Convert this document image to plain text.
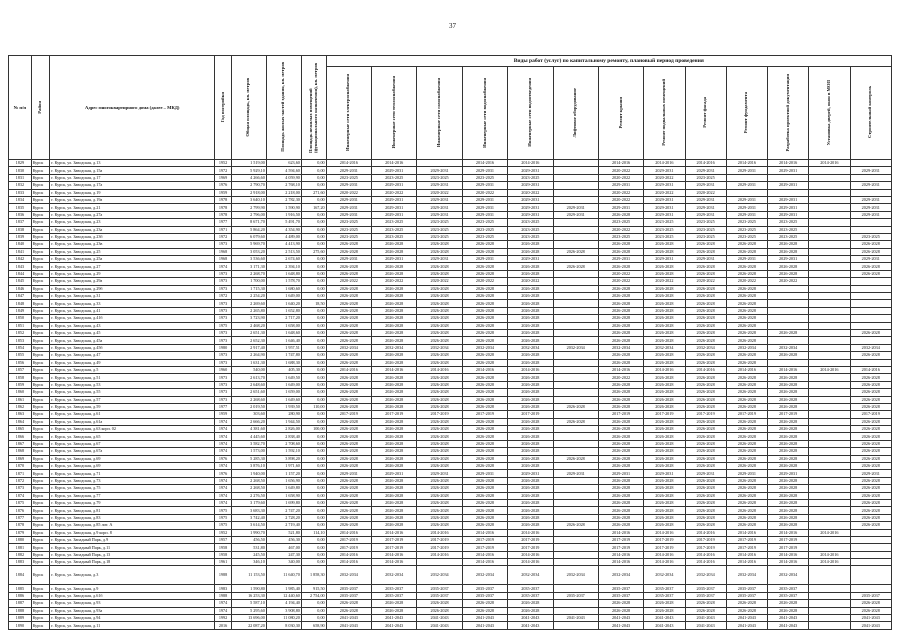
37
№ п/п	Район	Адрес многоквартирного дома (далее – МКД)	Год постройки	Общая площадь, кв. метров	Площадь жилых частей здания, кв. метров	Площадь нежилых помещений (функционального назначения), кв. метров	Виды работ (услуг) по капитальному ремонту, плановый период проведения												
							Инженерные сети электроснабжения	Инженерные сети теплоснабжения	Инженерные сети газоснабжения	Инженерные сети водоснабжения	Инженерные сети водоотведения	Лифтовое оборудование	Ремонт крыши	Ремонт подвальных помещений	Ремонт фасада	Ремонт фундамента	Разработка проектной документации	Установка дверей, окон в МОП	Строительный контроль
1829	Курск	г. Курск, ул. Заводская, д.13	1952	1 519,00	623,60	0,00	2014-2016	2014-2016		2014-2016	2014-2016		2014-2016	2014-2016	2014-2016	2014-2016	2014-2016	2014-2016	
1830	Курск	г. Курск, ул. Заводская, д.15а	1972	5 929,10	4 594,60	0,00	2029-2031	2029-2031	2029-2031	2029-2031	2029-2031		2020-2022	2029-2031	2029-2031	2029-2031	2029-2031		2029-2031
1831	Курск	г. Курск, ул. Заводская, д.17	1969	4 266,60	4 059,90	0,00	2023-2025	2023-2025	2023-2025	2023-2025	2023-2025		2020-2022	2020-2022	2023-2025				
1832	Курск	г. Курск, ул. Заводская, д.17а	1976	2 790,70	2 768,10	0,00	2029-2031	2029-2031	2029-2031	2029-2031	2029-2031		2029-2031	2029-2031	2029-2031	2029-2031	2029-2031		2029-2031
1833	Курск	г. Курск, ул. Заводская, д.19	1959	2 918,00	2 218,00	271,60	2020-2022	2020-2022	2020-2022	2020-2022	2020-2022		2020-2022	2020-2022	2020-2022				
1834	Курск	г. Курск, ул. Заводская, д.19а	1978	3 640,10	2 782,30	0,00	2029-2031	2029-2031	2029-2031	2029-2031	2029-2031		2020-2022	2029-2031	2029-2031	2029-2031	2029-2031		2029-2031
1835	Курск	г. Курск, ул. Заводская, д.21	1978	2 799,90	1 590,90	167,20	2029-2031	2029-2031	2029-2031	2029-2031	2029-2031	2029-2031	2029-2031	2029-2031	2029-2031	2029-2031	2029-2031		2029-2031
1836	Курск	г. Курск, ул. Заводская, д.27а	1978	2 796,00	1 916,50	0,00	2029-2031	2029-2031	2029-2031	2029-2031	2029-2031	2029-2031	2026-2028	2029-2031	2029-2031	2029-2031	2029-2031		2029-2031
1837	Курск	г. Курск, ул. Заводская, д.23	1977	8 671,70	5 491,70	0,00	2023-2025	2023-2025	2023-2025	2023-2025	2023-2025		2023-2025	2023-2025	2023-2025	2023-2025	2023-2025		
1838	Курск	г. Курск, ул. Заводская, д.23а	1971	5 864,20	4 354,90	0,00	2023-2025	2023-2025	2023-2025	2023-2025	2023-2025		2020-2022	2023-2025	2023-2025	2023-2025	2023-2025		
1839	Курск	г. Курск, ул. Заводская, д.23б	1972	6 079,60	4 489,00	0,00	2023-2025	2023-2025	2023-2025	2023-2025	2023-2025		2023-2025	2023-2025	2023-2025	2023-2025	2023-2025		2023-2025
1840	Курск	г. Курск, ул. Заводская, д.23в	1973	5 969,70	4 413,90	0,00	2026-2028	2026-2028	2026-2028	2026-2028	2026-2028		2026-2028	2026-2028	2026-2028	2026-2028	2026-2028		2026-2028
1841	Курск	г. Курск, ул. Заводская, д.25	1968	3 053,20	2 513,50	275,60	2026-2028	2026-2028	2026-2028	2026-2028	2026-2028	2026-2028	2026-2028	2026-2028	2026-2028	2026-2028	2026-2028		2026-2028
1842	Курск	г. Курск, ул. Заводская, д.25а	1968	3 536,60	2 674,60	0,00	2029-2031	2029-2031	2029-2031	2029-2031	2029-2031		2029-2031	2029-2031	2029-2031	2029-2031	2029-2031		2029-2031
1843	Курск	г. Курск, ул. Заводская, д.27	1974	3 171,30	2 394,10	0,00	2026-2028	2026-2028	2026-2028	2026-2028	2026-2028	2026-2028	2026-2028	2026-2028	2026-2028	2026-2028	2026-2028		2026-2028
1844	Курск	г. Курск, ул. Заводская, д.29	1973	2 268,70	1 648,80	0,00	2026-2028	2026-2028	2026-2028	2026-2028	2026-2028		2020-2022	2026-2028	2026-2028	2026-2028	2026-2028		2026-2028
1845	Курск	г. Курск, ул. Заводская, д.29а	1973	1 700,00	1 578,70	0,00	2020-2022	2020-2022	2020-2022	2020-2022	2020-2022		2020-2022	2020-2022	2020-2022	2020-2022	2020-2022		
1846	Курск	г. Курск, ул. Заводская, д.29б	1973	1 715,30	1 680,60	0,00	2026-2028	2026-2028	2026-2028	2026-2028	2026-2028		2026-2028	2026-2028	2026-2028	2026-2028			
1847	Курск	г. Курск, ул. Заводская, д.31	1972	2 254,20	1 649,00	0,00	2026-2028	2026-2028	2026-2028	2026-2028	2026-2028		2026-2028	2026-2028	2026-2028	2026-2028			
1848	Курск	г. Курск, ул. Заводская, д.33	1973	2 269,60	1 640,20	18,50	2026-2028	2026-2028	2026-2028	2026-2028	2026-2028		2026-2028	2026-2028	2026-2028	2026-2028			
1849	Курск	г. Курск, ул. Заводская, д.41	1973	2 265,80	1 652,80	0,00	2026-2028	2026-2028	2026-2028	2026-2028	2026-2028		2026-2028	2026-2028	2026-2028	2026-2028			
1850	Курск	г. Курск, ул. Заводская, д.41б	1973	3 723,90	2 717,20	0,00	2026-2028	2026-2028	2026-2028	2026-2028	2026-2028		2026-2028	2026-2028	2026-2028	2026-2028			
1851	Курск	г. Курск, ул. Заводская, д.43	1975	2 468,20	1 658,00	0,00	2026-2028	2026-2028	2026-2028	2026-2028	2026-2028		2026-2028	2026-2028	2026-2028	2026-2028			
1852	Курск	г. Курск, ул. Заводская, д.45	1973	2 651,30	1 648,60	0,00	2026-2028	2026-2028	2026-2028	2026-2028	2026-2028		2026-2028	2026-2028	2026-2028	2026-2028	2026-2028		2026-2028
1853	Курск	г. Курск, ул. Заводская, д.45а	1973	2 652,30	1 646,40	0,00	2026-2028	2026-2028	2026-2028	2026-2028	2026-2028		2026-2028	2026-2028	2026-2028	2026-2028			
1854	Курск	г. Курск, ул. Заводская, д.45б	1980	2 917,40	1 957,51	0,00	2032-2034	2032-2034	2032-2034	2032-2034	2032-2034	2032-2034	2032-2034	2032-2034	2032-2034	2032-2034	2032-2034		2032-2034
1855	Курск	г. Курск, ул. Заводская, д.47	1973	2 264,90	1 747,80	0,00	2026-2028	2026-2028	2026-2028	2026-2028	2026-2028		2026-2028	2026-2028	2026-2028	2026-2028	2026-2028		2026-2028
1856	Курск	г. Курск, ул. Заводская, д.49	1973	1 631,30	1 688,30	0,00	2026-2028	2026-2028	2026-2028	2026-2028	2026-2028		2026-2028	2026-2028	2026-2028	2026-2028			
1857	Курск	г. Курск, ул. Заводская, д.5	1960	540,00	405,30	0,00	2014-2016	2014-2016	2014-2016	2014-2016	2014-2016		2014-2016	2014-2016	2014-2016	2014-2016	2014-2016	2014-2016	2014-2016
1858	Курск	г. Курск, ул. Заводская, д.51	1973	2 613,70	1 649,50	0,00	2026-2028	2026-2028	2026-2028	2026-2028	2026-2028		2020-2022	2026-2028	2026-2028	2026-2028	2026-2028		2026-2028
1859	Курск	г. Курск, ул. Заводская, д.53	1973	2 648,60	1 649,00	0,00	2026-2028	2026-2028	2026-2028	2026-2028	2026-2028		2026-2028	2026-2028	2026-2028	2026-2028	2026-2028		2026-2028
1860	Курск	г. Курск, ул. Заводская, д.55	1973	2 651,60	1 659,00	0,00	2026-2028	2026-2028	2026-2028	2026-2028	2026-2028		2026-2028	2026-2028	2026-2028	2026-2028	2026-2028		2026-2028
1861	Курск	г. Курск, ул. Заводская, д.57	1973	2 268,60	1 649,60	0,00	2026-2028	2026-2028	2026-2028	2026-2028	2026-2028		2026-2028	2026-2028	2026-2028	2026-2028	2026-2028		2026-2028
1862	Курск	г. Курск, ул. Заводская, д.59	1977	2 019,50	1 939,50	110,00	2026-2028	2026-2028	2026-2028	2026-2028	2026-2028	2026-2028	2026-2028	2026-2028	2026-2028	2026-2028	2026-2028		2026-2028
1863	Курск	г. Курск, ул. Заводская, д.61	1959	303,60	280,90	0,00	2017-2019	2017-2019	2017-2019	2017-2019	2017-2019		2017-2019	2017-2019	2017-2019	2017-2019	2017-2019		2017-2019
1864	Курск	г. Курск, ул. Заводская, д.61а	1974	2 666,20	1 944,50	0,00	2026-2028	2026-2028	2026-2028	2026-2028	2026-2028	2026-2028	2026-2028	2026-2028	2026-2028	2026-2028	2026-2028		2026-2028
1865	Курск	г. Курск, ул. Заводская, д.63 корп. 02	1974	4 381,60	2 826,00	100,00	2026-2028	2026-2028	2026-2028	2026-2028	2026-2028		2026-2028	2026-2028	2026-2028	2026-2028	2026-2028		2026-2028
1866	Курск	г. Курск, ул. Заводская, д.65	1974	4 445,60	2 838,40	0,00	2026-2028	2026-2028	2026-2028	2026-2028	2026-2028		2026-2028	2026-2028	2026-2028	2026-2028	2026-2028		2026-2028
1867	Курск	г. Курск, ул. Заводская, д.67	1974	3 582,70	2 708,60	0,00	2026-2028	2026-2028	2026-2028	2026-2028	2026-2028		2026-2028	2026-2028	2026-2028	2026-2028	2026-2028		2026-2028
1868	Курск	г. Курск, ул. Заводская, д.67а	1974	1 573,00	1 592,10	0,00	2026-2028	2026-2028	2026-2028	2026-2028	2026-2028		2026-2028	2026-2028	2026-2028	2026-2028	2026-2028		2026-2028
1869	Курск	г. Курск, ул. Заводская, д.69	1976	5 285,30	3 898,20	0,00	2026-2028	2026-2028	2026-2028	2026-2028	2026-2028	2026-2028	2026-2028	2026-2028	2026-2028	2026-2028	2026-2028		2026-2028
1870	Курск	г. Курск, ул. Заводская, д.69	1974	3 876,10	1 971,60	0,00	2026-2028	2026-2028	2026-2028	2026-2028	2026-2028		2026-2028	2026-2028	2026-2028	2026-2028	2026-2028		2026-2028
1871	Курск	г. Курск, ул. Заводская, д.71	1976	1 940,00	1 157,20	0,00	2029-2031	2029-2031	2029-2031	2029-2031	2029-2031	2029-2031	2029-2031	2029-2031	2029-2031	2029-2031	2029-2031		2029-2031
1872	Курск	г. Курск, ул. Заводская, д.73	1974	2 268,50	1 656,90	0,00	2026-2028	2026-2028	2026-2028	2026-2028	2026-2028		2026-2028	2026-2028	2026-2028	2026-2028	2026-2028		2026-2028
1873	Курск	г. Курск, ул. Заводская, д.75	1974	2 268,50	1 649,80	0,00	2026-2028	2026-2028	2026-2028	2026-2028	2026-2028		2026-2028	2026-2028	2026-2028	2026-2028	2026-2028		2026-2028
1874	Курск	г. Курск, ул. Заводская, д.77	1974	2 276,50	1 658,90	0,00	2026-2028	2026-2028	2026-2028	2026-2028	2026-2028		2026-2028	2026-2028	2026-2028	2026-2028	2026-2028		2026-2028
1875	Курск	г. Курск, ул. Заводская, д.79	1974	3 179,60	1 699,80	0,00	2026-2028	2026-2028	2026-2028	2026-2028	2026-2028		2026-2028	2026-2028	2026-2028	2026-2028	2026-2028		2026-2028
1876	Курск	г. Курск, ул. Заводская, д.81	1975	3 683,30	2 747,20	0,00	2026-2028	2026-2028	2026-2028	2026-2028	2026-2028		2026-2028	2026-2028	2026-2028	2026-2028	2026-2028		2026-2028
1877	Курск	г. Курск, ул. Заводская, д.83	1975	3 742,40	2 728,20	0,00	2026-2028	2026-2028	2026-2028	2026-2028	2026-2028		2026-2028	2026-2028	2026-2028	2026-2028	2026-2028		2026-2028
1878	Курск	г. Курск, ул. Заводская, д.85 лит. А	1975	3 614,50	2 719,40	0,00	2026-2028	2026-2028	2026-2028	2026-2028	2026-2028	2026-2028	2026-2028	2026-2028	2026-2028	2026-2028	2026-2028		2026-2028
1879	Курск	г. Курск, ул. Заводская, д.9 корп. 8	1952	1 990,70	521,80	114,10	2014-2016	2014-2016	2014-2016	2014-2016	2014-2016		2014-2016	2014-2016	2014-2016	2014-2016	2014-2016	2014-2016	
1880	Курск	г. Курск, ул. Западный Парк, д.9	1957	456,50	456,30	0,00	2017-2019	2017-2019	2017-2019	2017-2019	2017-2019		2017-2019	2017-2019	2017-2019	2017-2019	2017-2019		
1881	Курск	г. Курск, ул. Западный Парк, д.11	1958	531,80	467,00	0,00	2017-2019	2017-2019	2017-2019	2017-2019	2017-2019		2017-2019	2017-2019	2017-2019	2017-2019	2017-2019		
1882	Курск	г. Курск, ул. Западный Парк, д.13	1958	245,50	247,30	0,00	2014-2016	2014-2016	2014-2016	2014-2016	2014-2016		2014-2016	2014-2016	2014-2016	2014-2016	2014-2016	2014-2016	
1883	Курск	г. Курск, ул. Западный Парк, д.18	1961	346,10	340,00	0,00	2014-2016	2014-2016		2014-2016	2014-2016		2014-2016	2014-2016	2014-2016	2014-2016	2014-2016	2014-2016	
1884	Курск	г. Курск, ул. Заводская, д.3	1988	11 153,50	11 640,70	1 858,30	2032-2034	2032-2034	2032-2034	2032-2034	2032-2034	2032-2034	2032-2034	2032-2034	2032-2034	2032-2034	2032-2034		
1885	Курск	г. Курск, ул. Заводская, д.9	1983	1 590,80	1 985,40	915,50	2035-2037	2035-2037	2035-2037	2035-2037	2035-2037		2035-2037	2035-2037	2035-2037	2035-2037	2035-2037		
1886	Курск	г. Курск, ул. Заводская, д.61б	1988	16 253,30	12 440,60	2 754,00	2035-2037	2035-2037	2035-2037	2035-2037	2035-2037	2035-2037	2035-2037	2035-2037	2035-2037	2035-2037	2035-2037		2035-2037
1887	Курск	г. Курск, ул. Заводская, д.93	1974	5 587,10	4 194,40	0,00	2026-2028	2026-2028	2026-2028	2026-2028	2026-2028		2026-2028	2026-2028	2026-2028	2026-2028	2026-2028		2026-2028
1888	Курск	г. Курск, ул. Заводская, д.93а	1974	5 295,60	3 908,80	0,00	2026-2028	2026-2028	2026-2028	2026-2028	2026-2028		2026-2028	2026-2028	2026-2028	2026-2028	2026-2028		2026-2028
1889	Курск	г. Курск, ул. Заводская, д.94	1992	13 696,00	11 080,20	0,00	2041-2043	2041-2043	2041-2043	2041-2043	2041-2043	2041-2043	2041-2043	2041-2043	2041-2043	2041-2043	2041-2043		2041-2043
1890	Курск	г. Курск, ул. Заводская, д.11	2016	22 087,20	8 030,30	658,90	2041-2043	2041-2043	2041-2043	2041-2043	2041-2043		2041-2043	2041-2043	2041-2043	2041-2043	2041-2043		2041-2043
